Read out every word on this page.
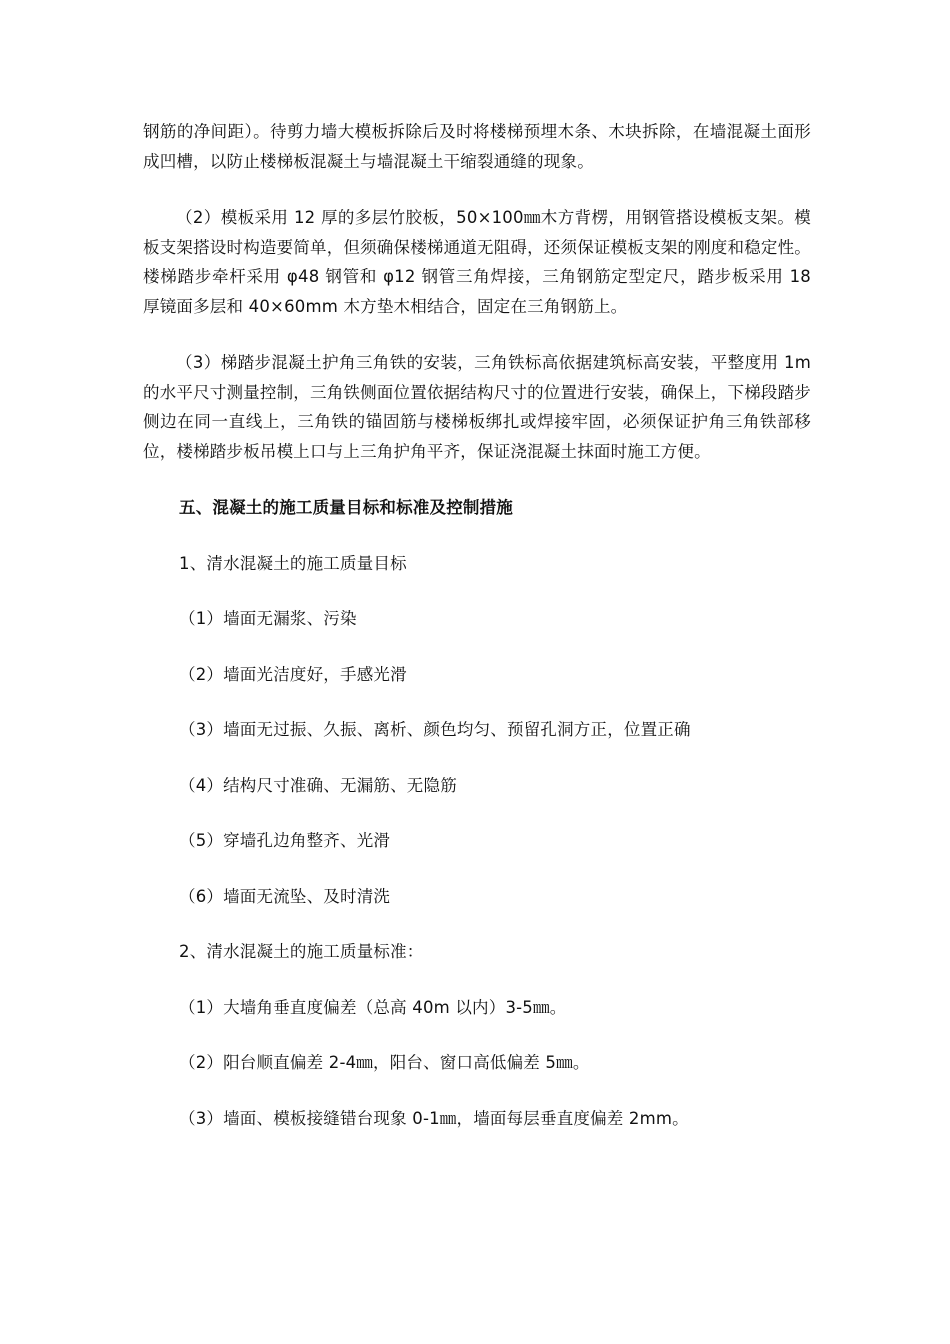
钢筋的净间距）。待剪力墙大模板拆除后及时将楼梯预埋木条、木块拆除，在墙混凝土面形成凹槽，以防止楼梯板混凝土与墙混凝土干缩裂通缝的现象。

（2）模板采用 12 厚的多层竹胶板，50×100㎜木方背楞，用钢管搭设模板支架。模板支架搭设时构造要简单，但须确保楼梯通道无阻碍，还须保证模板支架的刚度和稳定性。楼梯踏步牵杆采用 φ48 钢管和 φ12 钢管三角焊接，三角钢筋定型定尺，踏步板采用 18 厚镜面多层和 40×60mm 木方垫木相结合，固定在三角钢筋上。

（3）梯踏步混凝土护角三角铁的安装，三角铁标高依据建筑标高安装，平整度用 1m 的水平尺寸测量控制，三角铁侧面位置依据结构尺寸的位置进行安装，确保上，下梯段踏步侧边在同一直线上，三角铁的锚固筋与楼梯板绑扎或焊接牢固，必须保证护角三角铁部移位，楼梯踏步板吊模上口与上三角护角平齐，保证浇混凝土抹面时施工方便。

五、混凝土的施工质量目标和标准及控制措施

1、清水混凝土的施工质量目标

（1）墙面无漏浆、污染

（2）墙面光洁度好，手感光滑

（3）墙面无过振、久振、离析、颜色均匀、预留孔洞方正，位置正确

（4）结构尺寸准确、无漏筋、无隐筋

（5）穿墙孔边角整齐、光滑

（6）墙面无流坠、及时清洗

2、清水混凝土的施工质量标准：

（1）大墙角垂直度偏差（总高 40m 以内）3-5㎜。

（2）阳台顺直偏差 2-4㎜，阳台、窗口高低偏差 5㎜。

（3）墙面、模板接缝错台现象 0-1㎜，墙面每层垂直度偏差 2mm。
